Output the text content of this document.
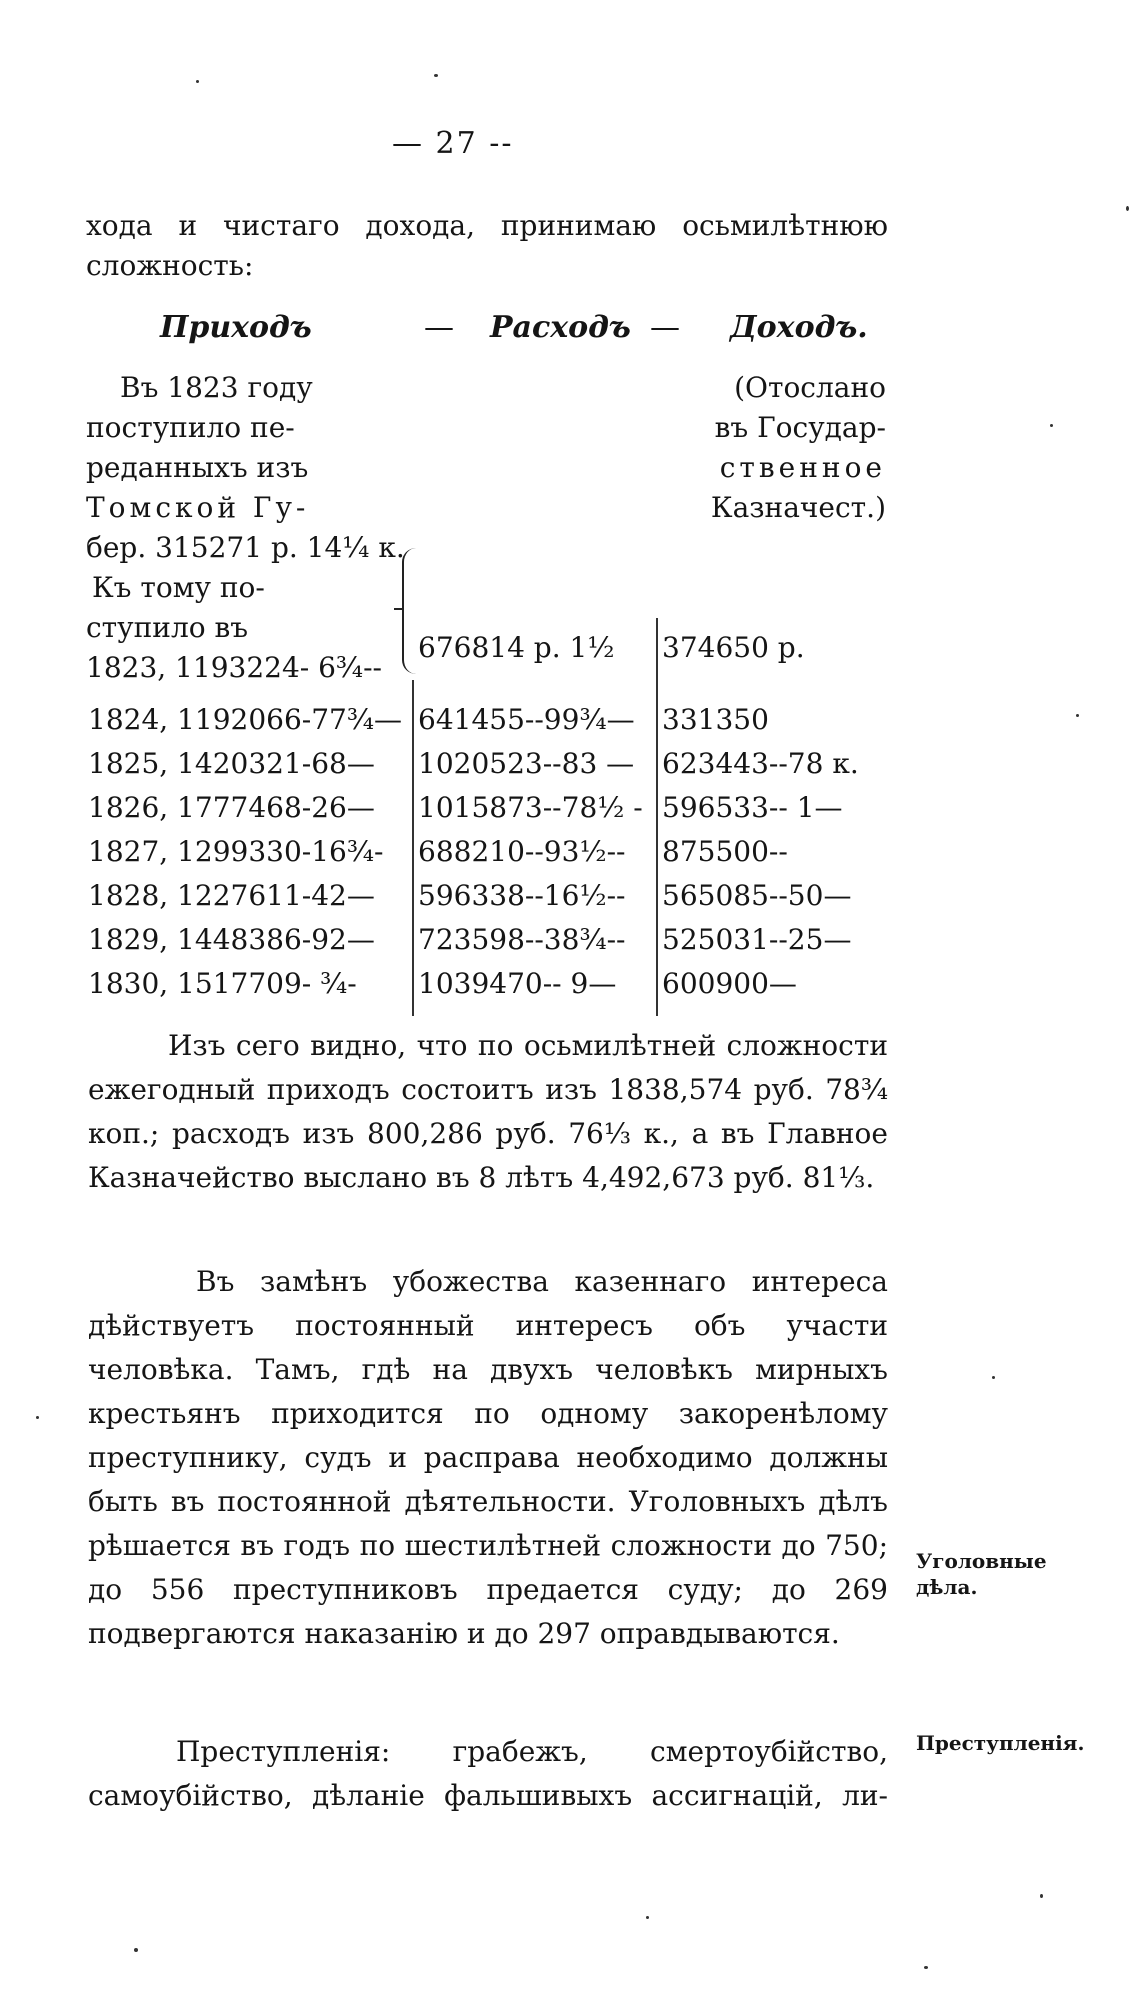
— 27 --
хода и чистаго дохода, принимаю осьмилѣтнюю сложность:
Приходъ	— Расходъ — Доходъ.
Въ 1823 году
поступило пе-
реданныхъ изъ
Томской Гу-
бер. 315271 р. 14¼ к.
Къ тому по-
ступило въ
1823, 1193224- 6¾--
(Отослано
въ Государ-
ственное
Казначест.)
676814 р. 1½ 374650 р.
1824, 1192066-77¾— 641455--99¾— 331350
1825, 1420321-68— 1020523--83 — 623443--78 к.
1826, 1777468-26— 1015873--78½ - 596533-- 1—
1827, 1299330-16¾- 688210--93½-- 875500--
1828, 1227611-42— 596338--16½-- 565085--50—
1829, 1448386-92— 723598--38¾-- 525031--25—
1830, 1517709- ¾- 1039470-- 9— 600900—
Изъ сего видно, что по осьмилѣтней сложности ежегодный приходъ состоитъ изъ 1838,574 руб. 78¾ коп.; расходъ изъ 800,286 руб. 76⅓ к., а въ Главное Казначейство выслано въ 8 лѣтъ 4,492,673 руб. 81⅓.
Въ замѣнъ убожества казеннаго интереса дѣйствуетъ постоянный интересъ объ участи человѣка. Тамъ, гдѣ на двухъ человѣкъ мирныхъ крестьянъ приходится по одному закоренѣлому преступнику, судъ и расправа необходимо должны быть въ постоянной дѣятельности. Уголовныхъ дѣлъ рѣшается въ годъ по шестилѣтней сложности до 750; до 556 преступниковъ предается суду; до 269 подвергаются наказанію и до 297 оправдываются.
Преступленія: грабежъ, смертоубійство, самоубійство, дѣланіе фальшивыхъ ассигнацій, ли-
Уголовные дѣла.
Преступленія.
